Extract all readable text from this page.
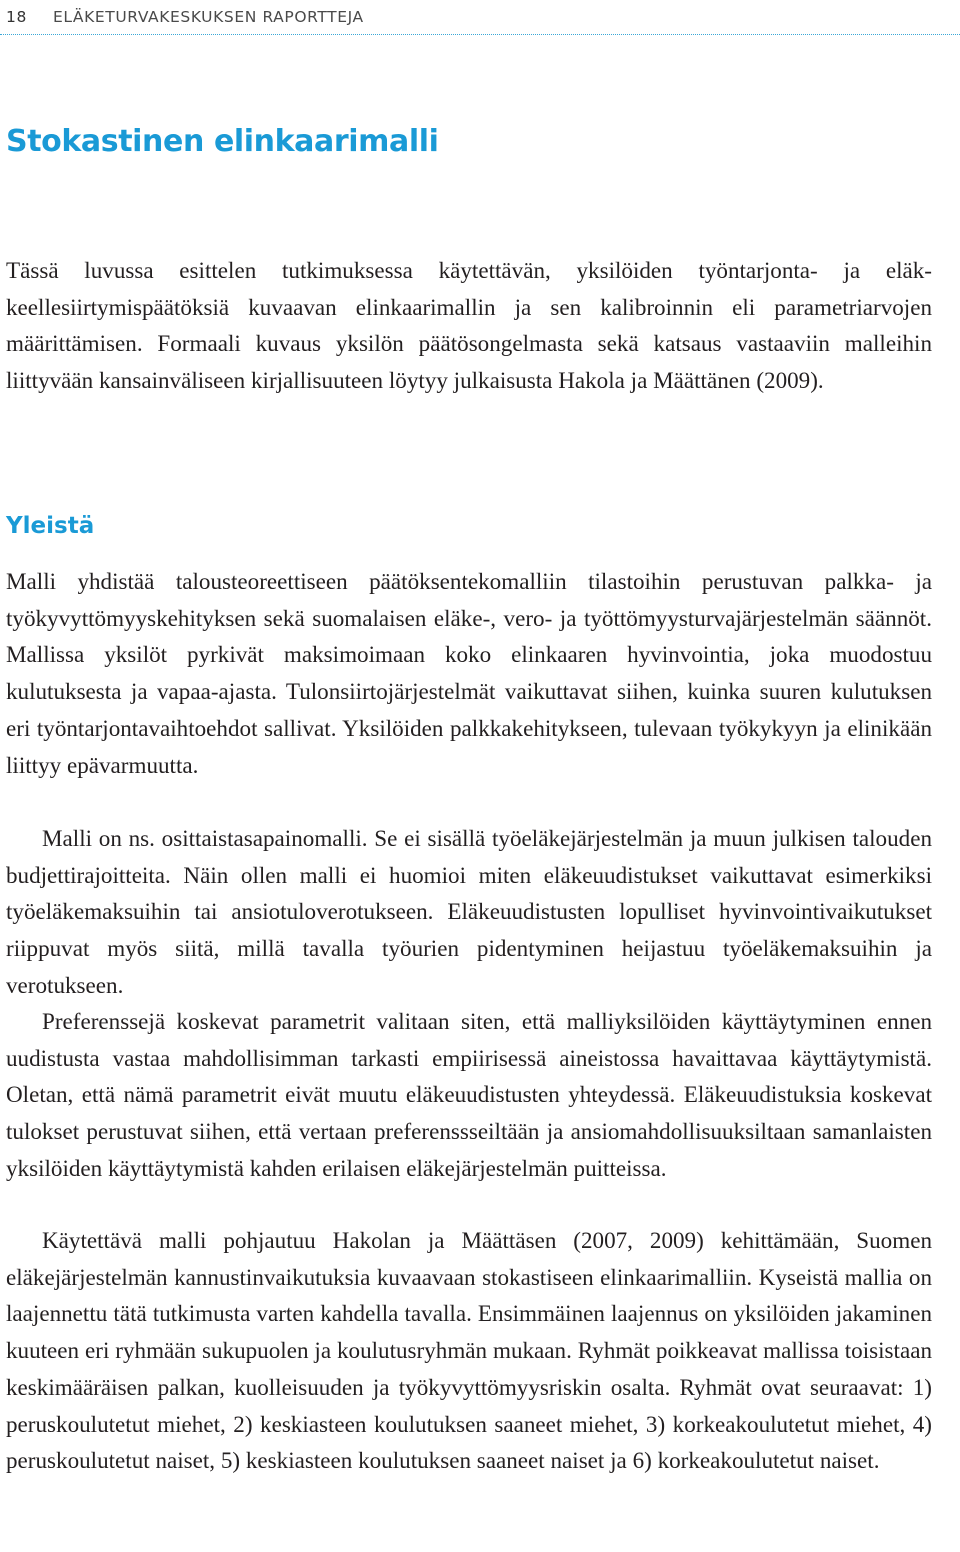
18 ELÄKETURVAKESKUKSEN RAPORTTEJA
Stokastinen elinkaarimalli

Tässä luvussa esittelen tutkimuksessa käytettävän, yksilöiden työntarjonta- ja eläkkeellesiirtymispäätöksiä kuvaavan elinkaarimallin ja sen kalibroinnin eli parametriarvojen määrittämisen. Formaali kuvaus yksilön päätösongelmasta sekä katsaus vastaaviin malleihin liittyvään kansainväliseen kirjallisuuteen löytyy julkaisusta Hakola ja Määttänen (2009).

Yleistä

Malli yhdistää talousteoreettiseen päätöksentekomalliin tilastoihin perustuvan palkka- ja työkyvyttömyyskehityksen sekä suomalaisen eläke-, vero- ja työttömyysturvajärjestelmän säännöt. Mallissa yksilöt pyrkivät maksimoimaan koko elinkaaren hyvinvointia, joka muodostuu kulutuksesta ja vapaa-ajasta. Tulonsiirtojärjestelmät vaikuttavat siihen, kuinka suuren kulutuksen eri työntarjontavaihtoehdot sallivat. Yksilöiden palkkakehitykseen, tulevaan työkykyyn ja elinikään liittyy epävarmuutta.

Malli on ns. osittaistasapainomalli. Se ei sisällä työeläkejärjestelmän ja muun julkisen talouden budjettirajoitteita. Näin ollen malli ei huomioi miten eläkeuudistukset vaikuttavat esimerkiksi työeläkemaksuihin tai ansiotuloverotukseen. Eläkeuudistusten lopulliset hyvinvointivaikutukset riippuvat myös siitä, millä tavalla työurien pidentyminen heijastuu työeläkemaksuihin ja verotukseen.

Preferenssejä koskevat parametrit valitaan siten, että malliyksilöiden käyttäytyminen ennen uudistusta vastaa mahdollisimman tarkasti empiirisessä aineistossa havaittavaa käyttäytymistä. Oletan, että nämä parametrit eivät muutu eläkeuudistusten yhteydessä. Eläkeuudistuksia koskevat tulokset perustuvat siihen, että vertaan preferenssseiltään ja ansiomahdollisuuksiltaan samanlaisten yksilöiden käyttäytymistä kahden erilaisen eläkejärjestelmän puitteissa.

Käytettävä malli pohjautuu Hakolan ja Määttäsen (2007, 2009) kehittämään, Suomen eläkejärjestelmän kannustinvaikutuksia kuvaavaan stokastiseen elinkaarimalliin. Kyseistä mallia on laajennettu tätä tutkimusta varten kahdella tavalla. Ensimmäinen laajennus on yksilöiden jakaminen kuuteen eri ryhmään sukupuolen ja koulutusryhmän mukaan. Ryhmät poikkeavat mallissa toisistaan keskimääräisen palkan, kuolleisuuden ja työkyvyttömyysriskin osalta. Ryhmät ovat seuraavat: 1) peruskoulutetut miehet, 2) keskiasteen koulutuksen saaneet miehet, 3) korkeakoulutetut miehet, 4) peruskoulutetut naiset, 5) keskiasteen koulutuksen saaneet naiset ja 6) korkeakoulutetut naiset.
